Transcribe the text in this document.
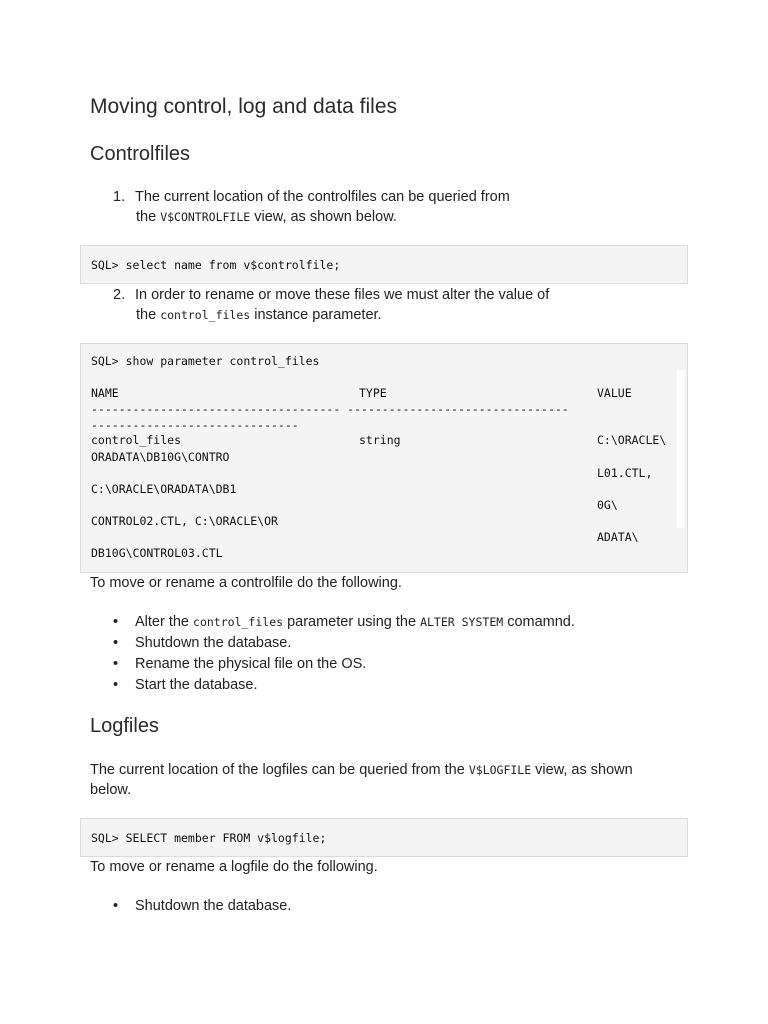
Moving control, log and data files
Controlfiles
1. The current location of the controlfiles can be queried from
the V$CONTROLFILE view, as shown below.

SQL> select name from v$controlfile;
2. In order to rename or move these files we must alter the value of
the control_files instance parameter.

SQL> show parameter control_files
NAME	TYPE	VALUE
------------------------------------ --------------------------------
------------------------------
control_files	string	C:\ORACLE\
ORADATA\DB10G\CONTRO
L01.CTL,
C:\ORACLE\ORADATA\DB1
0G\
CONTROL02.CTL, C:\ORACLE\OR
ADATA\
DB10G\CONTROL03.CTL

To move or rename a controlfile do the following.

• Alter the control_files parameter using the ALTER SYSTEM comamnd.
• Shutdown the database.
• Rename the physical file on the OS.
• Start the database.
Logfiles

The current location of the logfiles can be queried from the V$LOGFILE view, as shown
below.

SQL> SELECT member FROM v$logfile;

To move or rename a logfile do the following.

• Shutdown the database.
